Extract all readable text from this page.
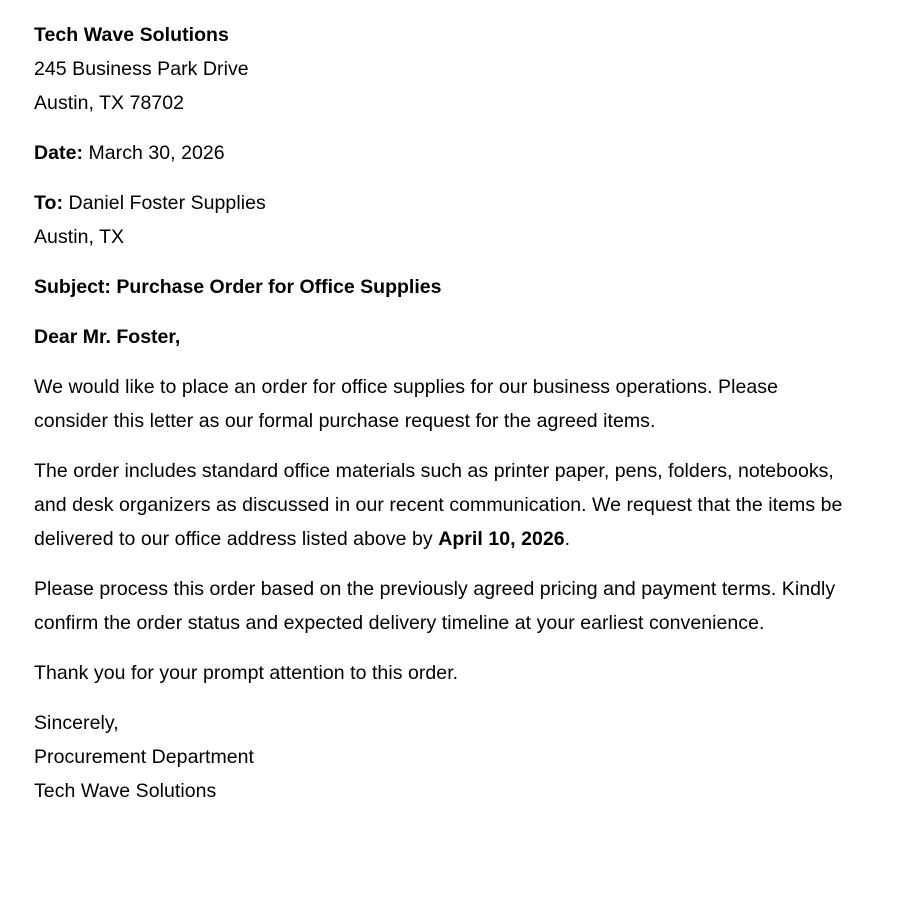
Tech Wave Solutions
245 Business Park Drive
Austin, TX 78702
Date: March 30, 2026
To: Daniel Foster Supplies
Austin, TX
Subject: Purchase Order for Office Supplies
Dear Mr. Foster,
We would like to place an order for office supplies for our business operations. Please consider this letter as our formal purchase request for the agreed items.
The order includes standard office materials such as printer paper, pens, folders, notebooks, and desk organizers as discussed in our recent communication. We request that the items be delivered to our office address listed above by April 10, 2026.
Please process this order based on the previously agreed pricing and payment terms. Kindly confirm the order status and expected delivery timeline at your earliest convenience.
Thank you for your prompt attention to this order.
Sincerely,
Procurement Department
Tech Wave Solutions
